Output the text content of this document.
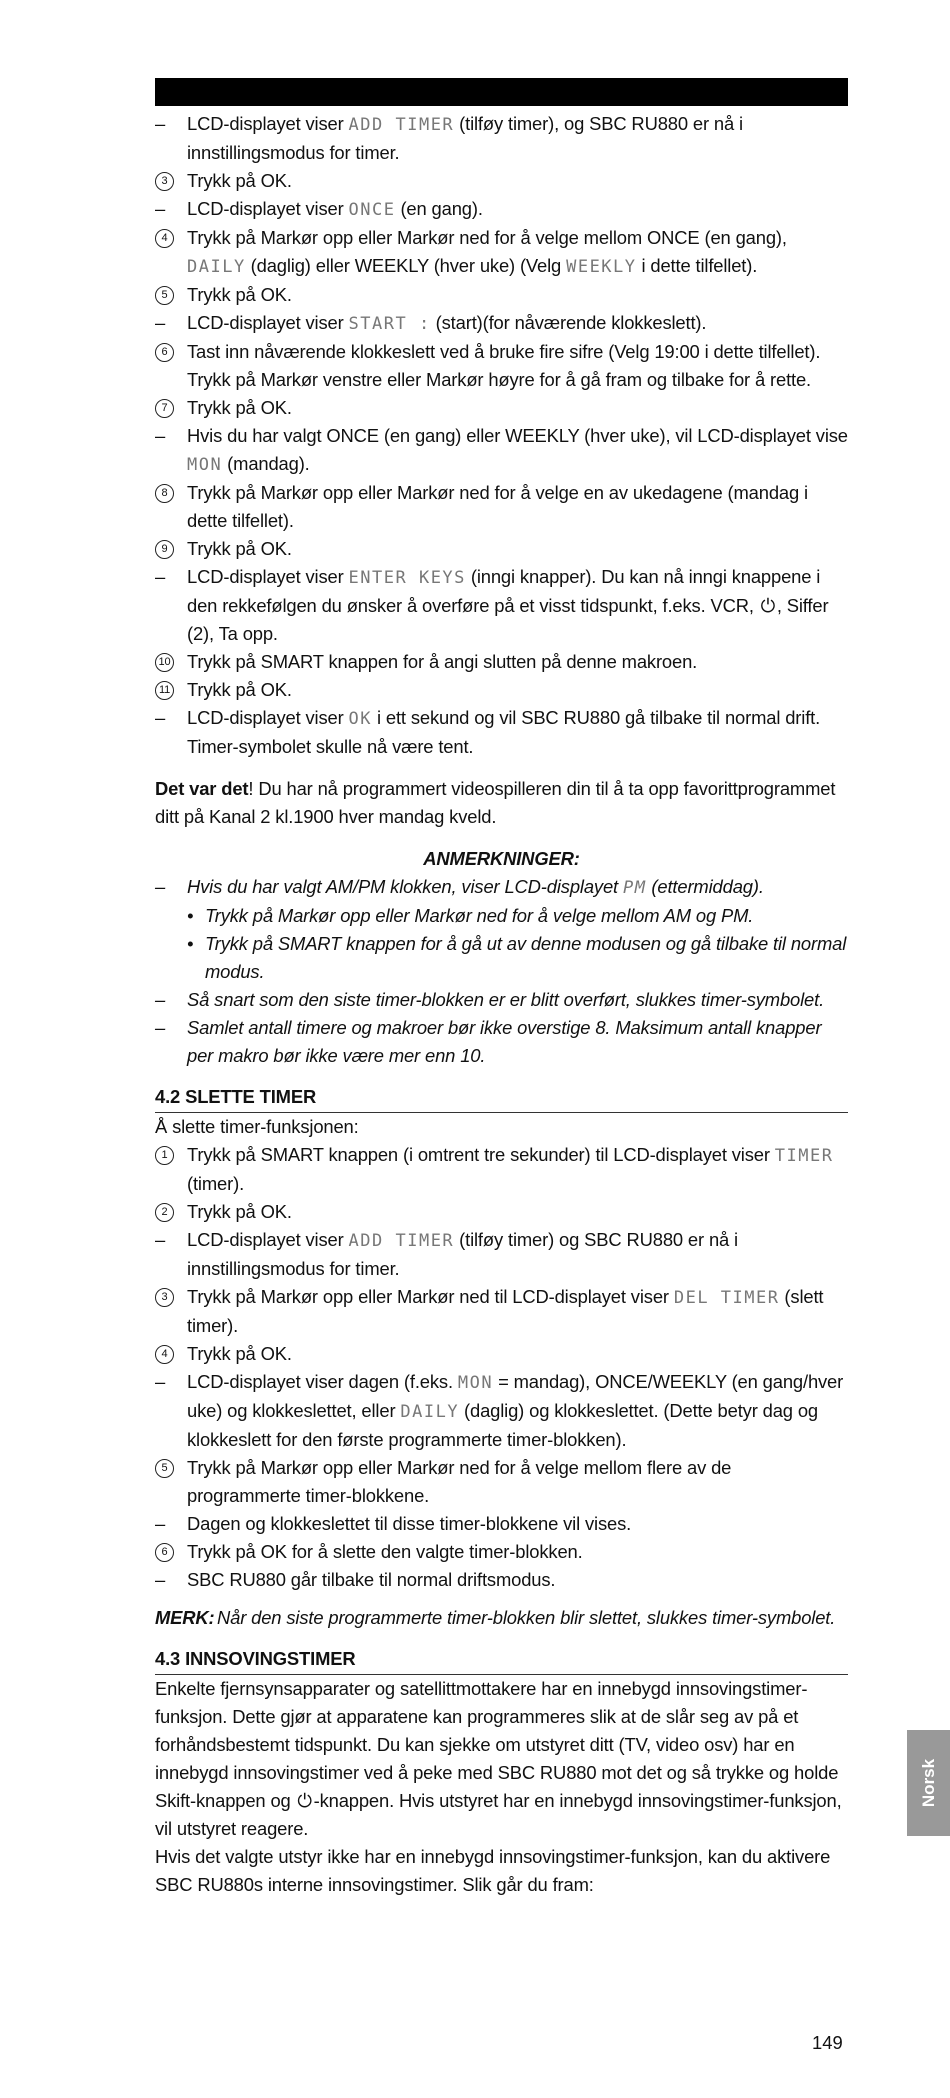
–	LCD-displayet viser ADD TIMER (tilføy timer), og SBC RU880 er nå i innstillingsmodus for timer.
3	Trykk på OK.
–	LCD-displayet viser ONCE (en gang).
4	Trykk på Markør opp eller Markør ned for å velge mellom ONCE (en gang), DAILY (daglig) eller WEEKLY (hver uke) (Velg WEEKLY i dette tilfellet).
5	Trykk på OK.
–	LCD-displayet viser START : (start)(for nåværende klokkeslett).
6	Tast inn nåværende klokkeslett ved å bruke fire sifre (Velg 19:00 i dette tilfellet). Trykk på Markør venstre eller Markør høyre for å gå fram og tilbake for å rette.
7	Trykk på OK.
–	Hvis du har valgt ONCE (en gang) eller WEEKLY (hver uke), vil LCD-displayet vise MON (mandag).
8	Trykk på Markør opp eller Markør ned for å velge en av ukedagene (mandag i dette tilfellet).
9	Trykk på OK.
–	LCD-displayet viser ENTER KEYS (inngi knapper). Du kan nå inngi knappene i den rekkefølgen du ønsker å overføre på et visst tidspunkt, f.eks. VCR, ⏻, Siffer (2), Ta opp.
10 Trykk på SMART knappen for å angi slutten på denne makroen.
11 Trykk på OK.
–	LCD-displayet viser OK i ett sekund og vil SBC RU880 gå tilbake til normal drift. Timer-symbolet skulle nå være tent.
Det var det! Du har nå programmert videospilleren din til å ta opp favorittprogrammet ditt på Kanal 2 kl.1900 hver mandag kveld.
ANMERKNINGER:
–	Hvis du har valgt AM/PM klokken, viser LCD-displayet PM (ettermiddag).
• Trykk på Markør opp eller Markør ned for å velge mellom AM og PM.
• Trykk på SMART knappen for å gå ut av denne modusen og gå tilbake til normal modus.
–	Så snart som den siste timer-blokken er er blitt overført, slukkes timer-symbolet.
–	Samlet antall timere og makroer bør ikke overstige 8. Maksimum antall knapper per makro bør ikke være mer enn 10.
4.2 SLETTE TIMER
Å slette timer-funksjonen:
1	Trykk på SMART knappen (i omtrent tre sekunder) til LCD-displayet viser TIMER (timer).
2	Trykk på OK.
–	LCD-displayet viser ADD TIMER (tilføy timer) og SBC RU880 er nå i innstillingsmodus for timer.
3	Trykk på Markør opp eller Markør ned til LCD-displayet viser DEL TIMER (slett timer).
4	Trykk på OK.
–	LCD-displayet viser dagen (f.eks. MON = mandag), ONCE/WEEKLY (en gang/hver uke) og klokkeslettet, eller DAILY (daglig) og klokkeslettet. (Dette betyr dag og klokkeslett for den første programmerte timer-blokken).
5	Trykk på Markør opp eller Markør ned for å velge mellom flere av de programmerte timer-blokkene.
–	Dagen og klokkeslettet til disse timer-blokkene vil vises.
6	Trykk på OK for å slette den valgte timer-blokken.
–	SBC RU880 går tilbake til normal driftsmodus.
MERK: Når den siste programmerte timer-blokken blir slettet, slukkes timer-symbolet.
4.3 INNSOVINGSTIMER
Enkelte fjernsynsapparater og satellittmottakere har en innebygd innsovingstimer-funksjon. Dette gjør at apparatene kan programmeres slik at de slår seg av på et forhåndsbestemt tidspunkt. Du kan sjekke om utstyret ditt (TV, video osv) har en innebygd innsovingstimer ved å peke med SBC RU880 mot det og så trykke og holde Skift-knappen og ⏻-knappen. Hvis utstyret har en innebygd innsovingstimer-funksjon, vil utstyret reagere.
Hvis det valgte utstyr ikke har en innebygd innsovingstimer-funksjon, kan du aktivere SBC RU880s interne innsovingstimer. Slik går du fram:
Norsk
149
